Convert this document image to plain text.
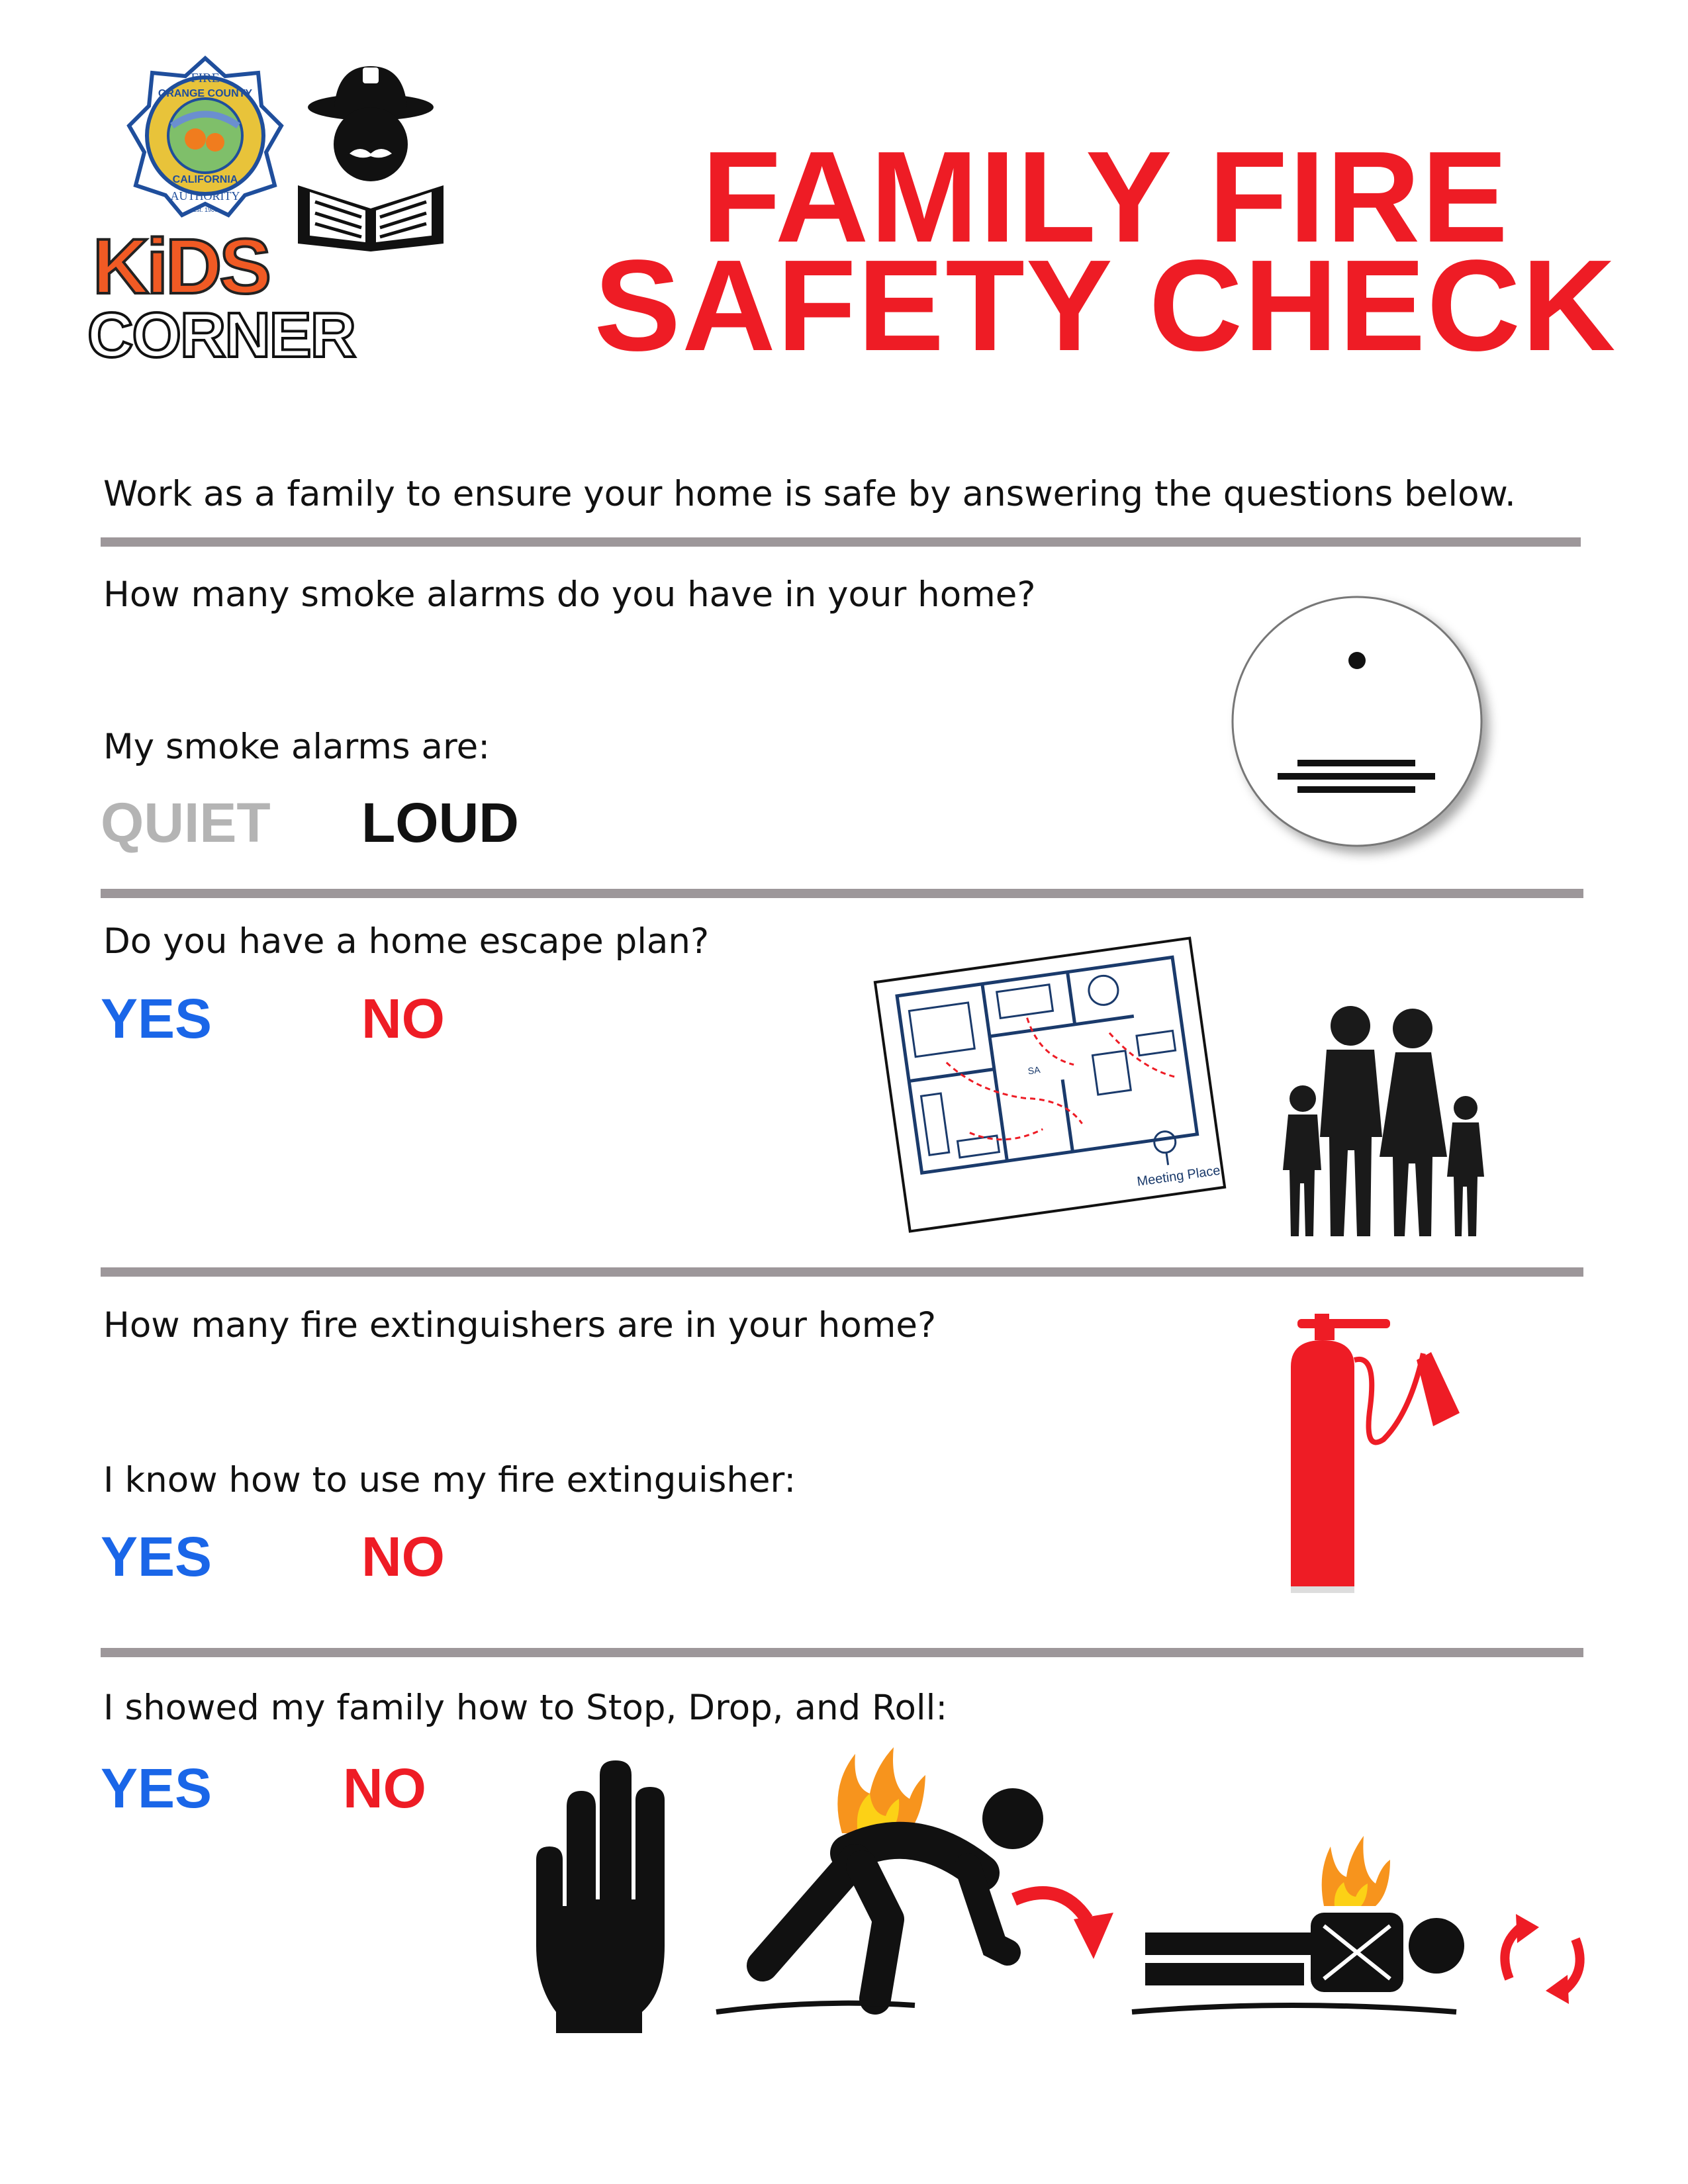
FIRE
ORANGE COUNTY
CALIFORNIA
AUTHORITY
Est. 1980
KiDS
CORNER
FAMILY FIRE
SAFETY CHECK
Work as a family to ensure your home is safe by answering the questions below.
How many smoke alarms do you have in your home?
My smoke alarms are:
QUIET LOUD
Do you have a home escape plan?
YES	NO
SA
Meeting Place
How many fire extinguishers are in your home?
I know how to use my fire extinguisher:
YES	NO
I showed my family how to Stop, Drop, and Roll:
YES NO
